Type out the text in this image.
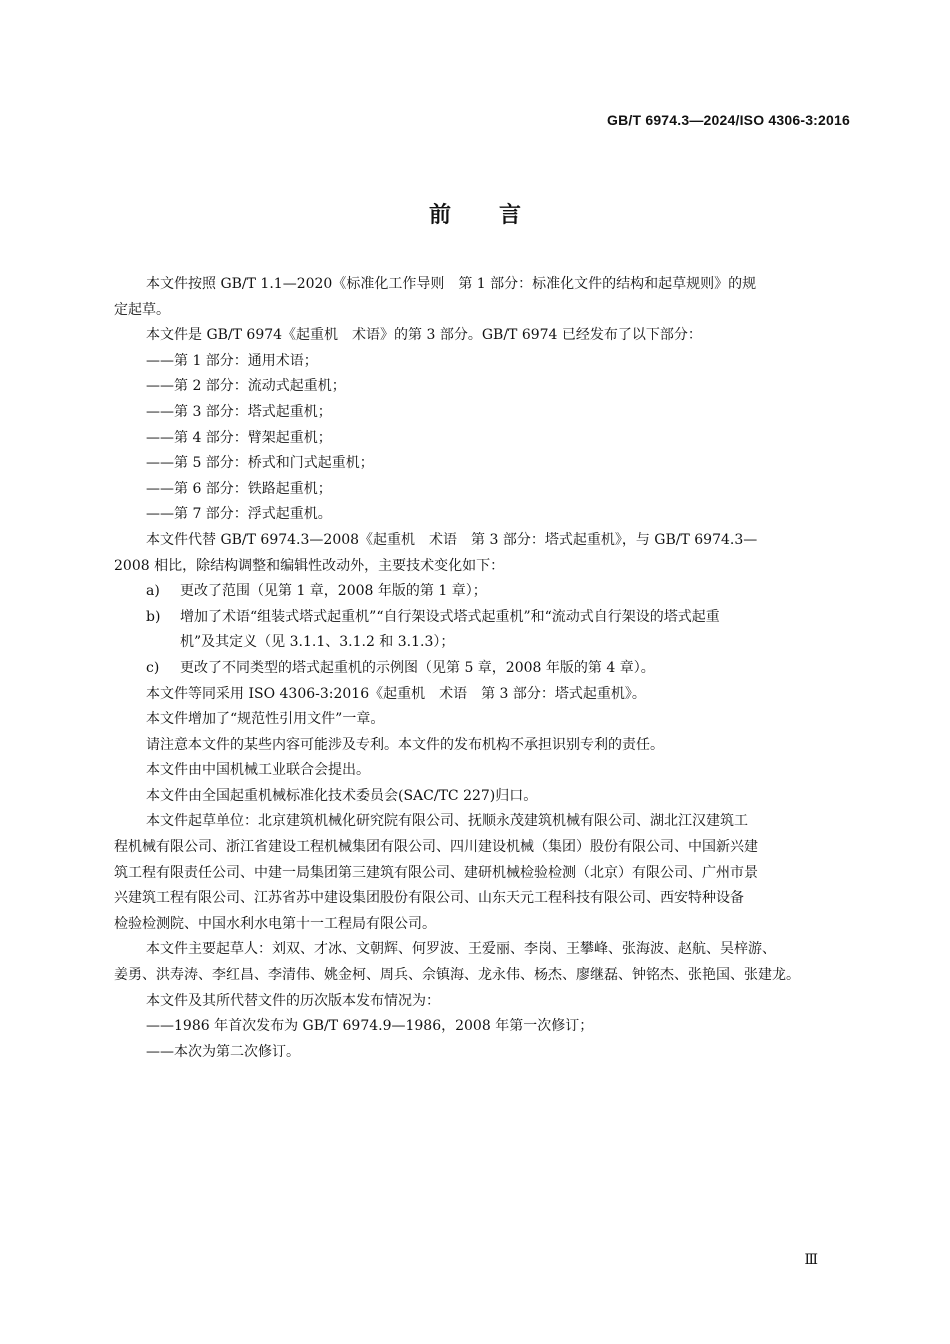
GB/T 6974.3—2024/ISO 4306-3:2016
前 言

本文件按照 GB/T 1.1—2020《标准化工作导则　第 1 部分：标准化文件的结构和起草规则》的规

定起草。

本文件是 GB/T 6974《起重机　术语》的第 3 部分。GB/T 6974 已经发布了以下部分：

——第 1 部分：通用术语；

——第 2 部分：流动式起重机；

——第 3 部分：塔式起重机；

——第 4 部分：臂架起重机；

——第 5 部分：桥式和门式起重机；

——第 6 部分：铁路起重机；

——第 7 部分：浮式起重机。

本文件代替 GB/T 6974.3—2008《起重机　术语　第 3 部分：塔式起重机》，与 GB/T 6974.3—

2008 相比，除结构调整和编辑性改动外，主要技术变化如下：

a)	更改了范围（见第 1 章，2008 年版的第 1 章）；
b)	增加了术语“组装式塔式起重机”“自行架设式塔式起重机”和“流动式自行架设的塔式起重
机”及其定义（见 3.1.1、3.1.2 和 3.1.3）；
c)	更改了不同类型的塔式起重机的示例图（见第 5 章，2008 年版的第 4 章）。

本文件等同采用 ISO 4306-3:2016《起重机　术语　第 3 部分：塔式起重机》。

本文件增加了“规范性引用文件”一章。

请注意本文件的某些内容可能涉及专利。本文件的发布机构不承担识别专利的责任。

本文件由中国机械工业联合会提出。

本文件由全国起重机械标准化技术委员会(SAC/TC 227)归口。

本文件起草单位：北京建筑机械化研究院有限公司、抚顺永茂建筑机械有限公司、湖北江汉建筑工

程机械有限公司、浙江省建设工程机械集团有限公司、四川建设机械（集团）股份有限公司、中国新兴建

筑工程有限责任公司、中建一局集团第三建筑有限公司、建研机械检验检测（北京）有限公司、广州市景

兴建筑工程有限公司、江苏省苏中建设集团股份有限公司、山东天元工程科技有限公司、西安特种设备

检验检测院、中国水利水电第十一工程局有限公司。

本文件主要起草人：刘双、才冰、文朝辉、何罗波、王爱丽、李岗、王攀峰、张海波、赵航、吴梓游、

姜勇、洪寿涛、李红昌、李清伟、姚金柯、周兵、佘镇海、龙永伟、杨杰、廖继磊、钟铭杰、张艳国、张建龙。

本文件及其所代替文件的历次版本发布情况为：

——1986 年首次发布为 GB/T 6974.9—1986，2008 年第一次修订；

——本次为第二次修订。

Ⅲ
